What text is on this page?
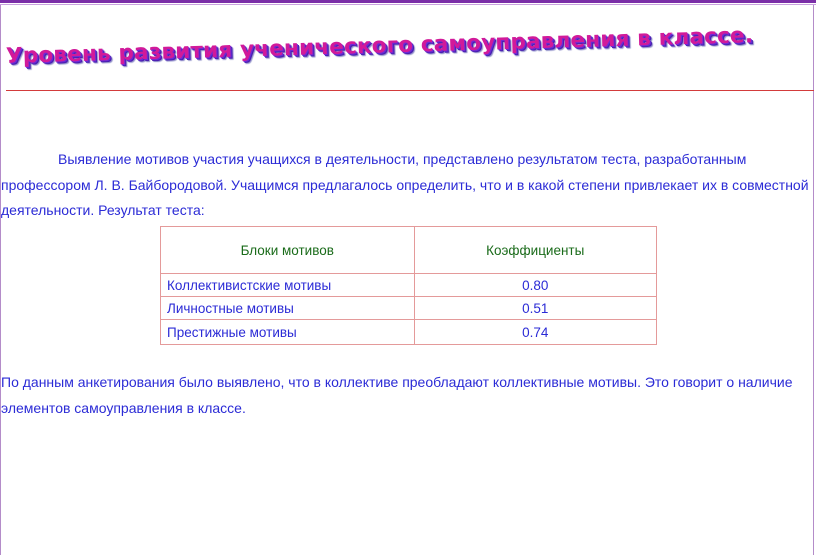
Уровень развития ученического самоуправления в классе.
Выявление мотивов участия учащихся в деятельности, представлено результатом теста, разработанным профессором Л. В. Байбородовой. Учащимся предлагалось определить, что и в какой степени привлекает их в совместной деятельности. Результат теста:
Блоки мотивов	Коэффициенты
Коллективистские мотивы	0.80
Личностные мотивы	0.51
Престижные мотивы	0.74
По данным анкетирования было выявлено, что в коллективе преобладают коллективные мотивы. Это говорит о наличие элементов самоуправления в классе.
